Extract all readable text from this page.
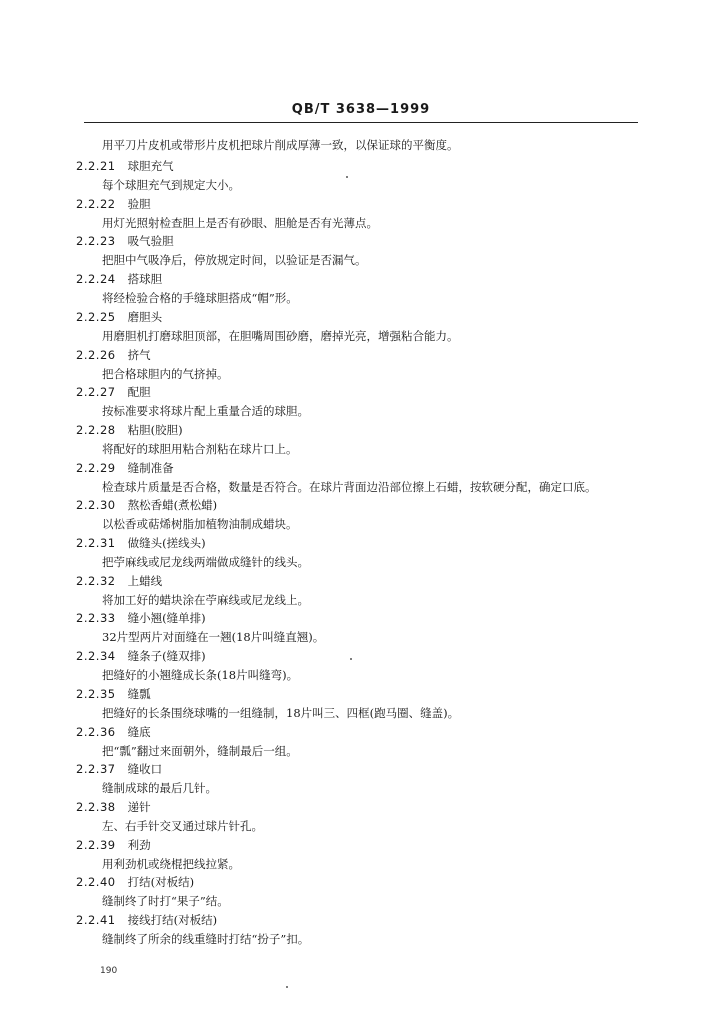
QB/T 3638—1999
用平刀片皮机或带形片皮机把球片削成厚薄一致，以保证球的平衡度。
2.2.21 球胆充气
每个球胆充气到规定大小。
2.2.22 验胆
用灯光照射检查胆上是否有砂眼、胆舱是否有光薄点。
2.2.23 吸气验胆
把胆中气吸净后，停放规定时间，以验证是否漏气。
2.2.24 搭球胆
将经检验合格的手缝球胆搭成“帽”形。
2.2.25 磨胆头
用磨胆机打磨球胆顶部，在胆嘴周围砂磨，磨掉光亮，增强粘合能力。
2.2.26 挤气
把合格球胆内的气挤掉。
2.2.27 配胆
按标准要求将球片配上重量合适的球胆。
2.2.28 粘胆(胶胆)
将配好的球胆用粘合剂粘在球片口上。
2.2.29 缝制准备
检查球片质量是否合格，数量是否符合。在球片背面边沿部位擦上石蜡，按软硬分配，确定口底。
2.2.30 熬松香蜡(煮松蜡)
以松香或萜烯树脂加植物油制成蜡块。
2.2.31 做缝头(搓线头)
把苧麻线或尼龙线两端做成缝针的线头。
2.2.32 上蜡线
将加工好的蜡块涂在苧麻线或尼龙线上。
2.2.33 缝小翘(缝单排)
32片型两片对面缝在一翘(18片叫缝直翘)。
2.2.34 缝条子(缝双排)
把缝好的小翘缝成长条(18片叫缝弯)。
2.2.35 缝瓢
把缝好的长条围绕球嘴的一组缝制，18片叫三、四框(跑马圈、缝盖)。
2.2.36 缝底
把“瓢”翻过来面朝外，缝制最后一组。
2.2.37 缝收口
缝制成球的最后几针。
2.2.38 递针
左、右手针交叉通过球片针孔。
2.2.39 利劲
用利劲机或绕棍把线拉紧。
2.2.40 打结(对板结)
缝制终了时打“果子”结。
2.2.41 接线打结(对板结)
缝制终了所余的线重缝时打结“扮子”扣。
190
